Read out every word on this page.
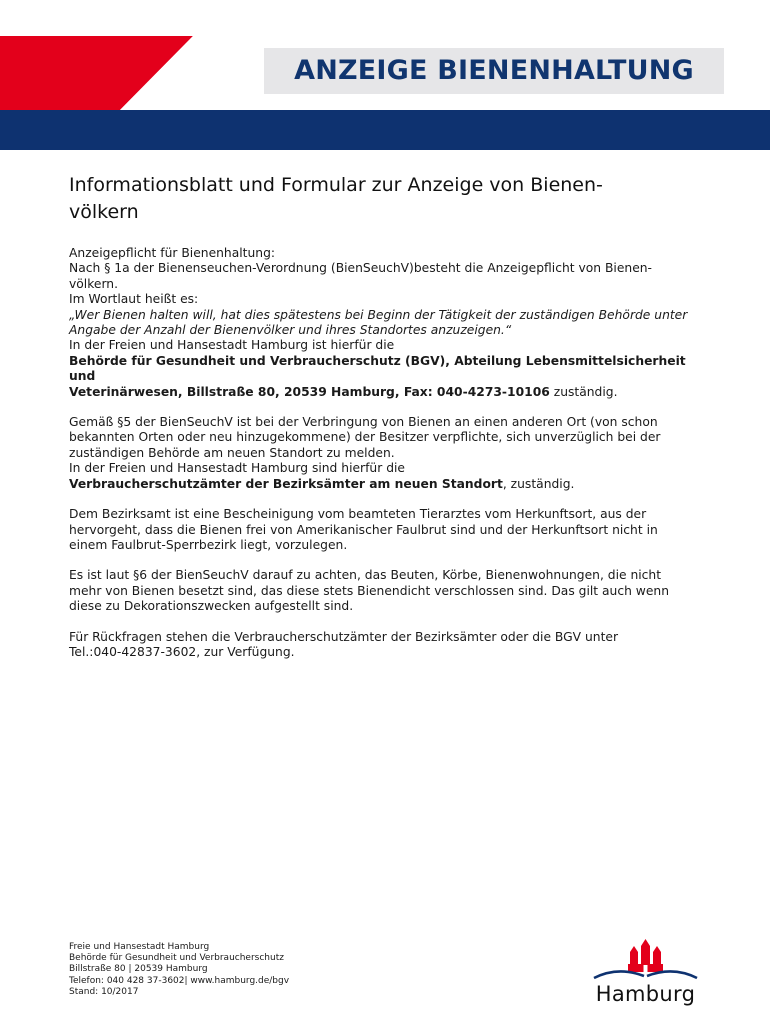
ANZEIGE BIENENHALTUNG
Informationsblatt und Formular zur Anzeige von Bienen-
völkern

Anzeigepflicht für Bienenhaltung:
Nach § 1a der Bienenseuchen-Verordnung (BienSeuchV)besteht die Anzeigepflicht von Bienen-
völkern.
Im Wortlaut heißt es:
„Wer Bienen halten will, hat dies spätestens bei Beginn der Tätigkeit der zuständigen Behörde unter Angabe der Anzahl der Bienenvölker und ihres Standortes anzuzeigen.“
In der Freien und Hansestadt Hamburg ist hierfür die
Behörde für Gesundheit und Verbraucherschutz (BGV), Abteilung Lebensmittelsicherheit und
Veterinärwesen, Billstraße 80, 20539 Hamburg, Fax: 040-4273-10106 zuständig.

Gemäß §5 der BienSeuchV ist bei der Verbringung von Bienen an einen anderen Ort (von schon
bekannten Orten oder neu hinzugekommene) der Besitzer verpflichte, sich unverzüglich bei der
zuständigen Behörde am neuen Standort zu melden.
In der Freien und Hansestadt Hamburg sind hierfür die
Verbraucherschutzämter der Bezirksämter am neuen Standort, zuständig.

Dem Bezirksamt ist eine Bescheinigung vom beamteten Tierarztes vom Herkunftsort, aus der
hervorgeht, dass die Bienen frei von Amerikanischer Faulbrut sind und der Herkunftsort nicht in
einem Faulbrut-Sperrbezirk liegt, vorzulegen.

Es ist laut §6 der BienSeuchV darauf zu achten, das Beuten, Körbe, Bienenwohnungen, die nicht
mehr von Bienen besetzt sind, das diese stets Bienendicht verschlossen sind. Das gilt auch wenn
diese zu Dekorationszwecken aufgestellt sind.

Für Rückfragen stehen die Verbraucherschutzämter der Bezirksämter oder die BGV unter
Tel.:040-42837-3602, zur Verfügung.

Freie und Hansestadt Hamburg
Behörde für Gesundheit und Verbraucherschutz
Billstraße 80 | 20539 Hamburg
Telefon: 040 428 37-3602| www.hamburg.de/bgv
Stand: 10/2017	Hamburg
